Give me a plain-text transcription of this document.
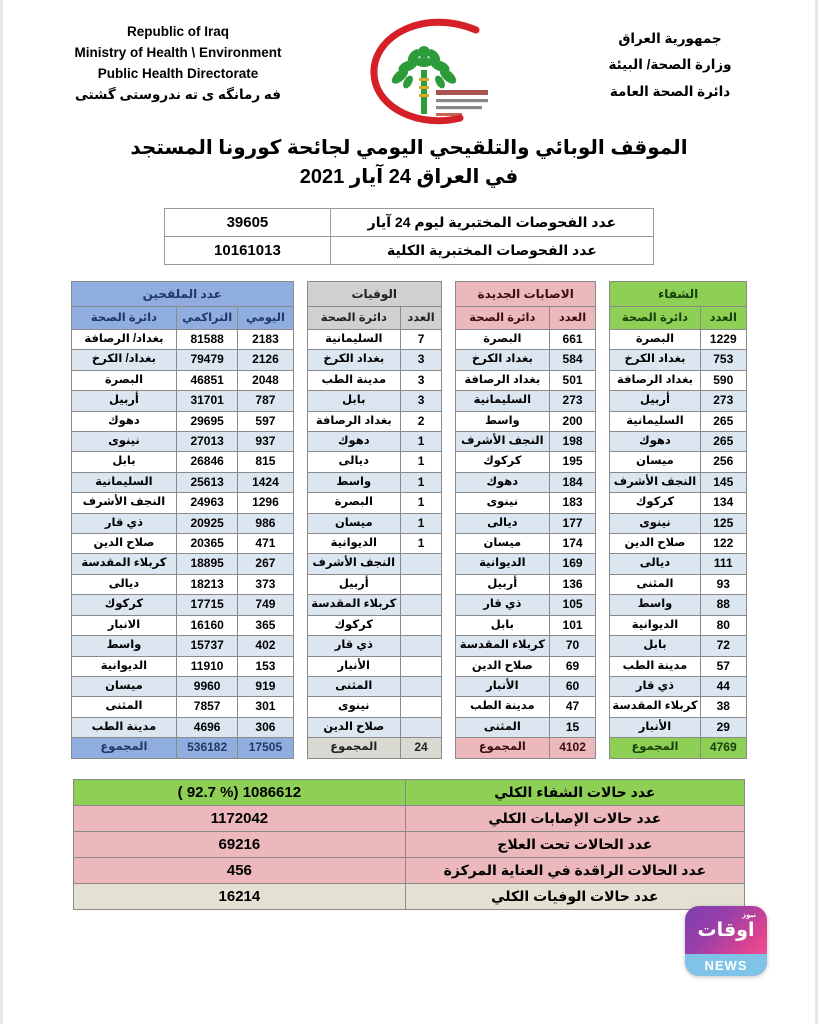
Republic of Iraq
Ministry of Health \ Environment
Public Health Directorate
فه رمانگه ى ته ندروستى گشتى
جمهورية العراق
وزارة الصحة/ البيئة
دائرة الصحة العامة
الموقف الوبائي والتلقيحي اليومي لجائحة كورونا المستجد
في العراق 24 آيار 2021
عدد الفحوصات المختبرية ليوم 24 آيار	39605
عدد الفحوصات المختبرية الكلية	10161013
عدد الملقحين		
اليومي	التراكمي	دائرة الصحة
2183	81588	بغداد/ الرصافة
2126	79479	بغداد/ الكرخ
2048	46851	البصرة
787	31701	أربيل
597	29695	دهوك
937	27013	نينوى
815	26846	بابل
1424	25613	السليمانية
1296	24963	النجف الأشرف
986	20925	ذي قار
471	20365	صلاح الدين
267	18895	كربلاء المقدسة
373	18213	ديالى
749	17715	كركوك
365	16160	الانبار
402	15737	واسط
153	11910	الديوانية
919	9960	ميسان
301	7857	المثنى
306	4696	مدينة الطب
17505	536182	المجموع
الوفيات	
العدد	دائرة الصحة
7	السليمانية
3	بغداد الكرخ
3	مدينة الطب
3	بابل
2	بغداد الرصافة
1	دهوك
1	ديالى
1	واسط
1	البصرة
1	ميسان
1	الديوانية
	النجف الأشرف
	أربيل
	كربلاء المقدسة
	كركوك
	ذي قار
	الأنبار
	المثنى
	نينوى
	صلاح الدين
24	المجموع
الاصابات الجديدة	
العدد	دائرة الصحة
661	البصرة
584	بغداد الكرخ
501	بغداد الرصافة
273	السليمانية
200	واسط
198	النجف الأشرف
195	كركوك
184	دهوك
183	نينوى
177	ديالى
174	ميسان
169	الديوانية
136	أربيل
105	ذي قار
101	بابل
70	كربلاء المقدسة
69	صلاح الدين
60	الأنبار
47	مدينة الطب
15	المثنى
4102	المجموع
الشفاء	
العدد	دائرة الصحة
1229	البصرة
753	بغداد الكرخ
590	بغداد الرصافة
273	أربيل
265	السليمانية
265	دهوك
256	ميسان
145	النجف الأشرف
134	كركوك
125	نينوى
122	صلاح الدين
111	ديالى
93	المثنى
88	واسط
80	الديوانية
72	بابل
57	مدينة الطب
44	ذي قار
38	كربلاء المقدسة
29	الأنبار
4769	المجموع
عدد حالات الشفاء الكلي	1086612 (% 92.7 )
عدد حالات الإصابات الكلي	1172042
عدد الحالات تحت العلاج	69216
عدد الحالات الراقدة في العناية المركزة	456
عدد حالات الوفيات الكلي	16214
نيوز
اوقات
NEWS
